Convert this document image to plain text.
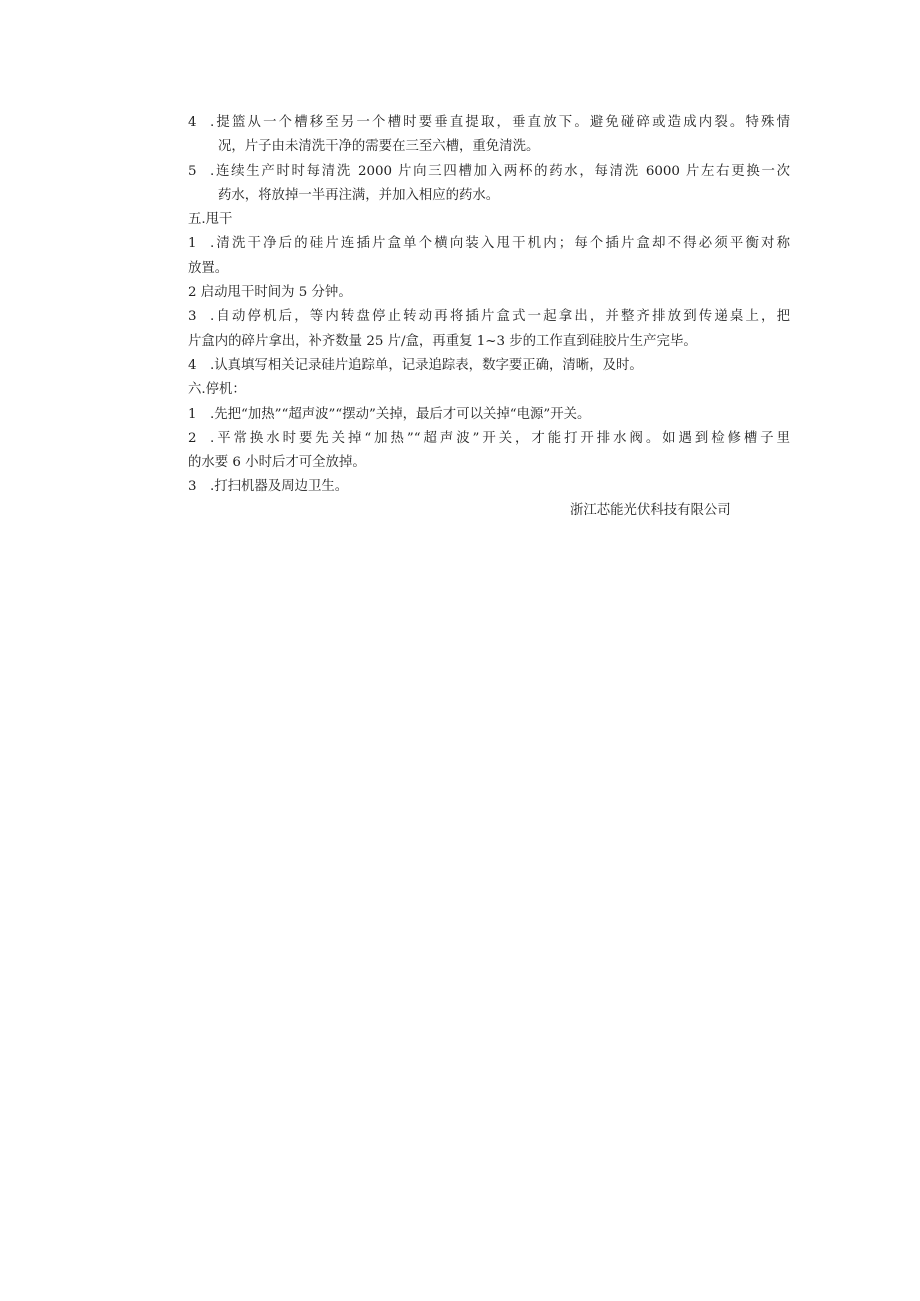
4 .提篮从一个槽移至另一个槽时要垂直提取，垂直放下。避免碰碎或造成内裂。特殊情
况，片子由未清洗干净的需要在三至六槽，重免清洗。
5 .连续生产时时每清洗 2000 片向三四槽加入两杯的药水，每清洗 6000 片左右更换一次
药水，将放掉一半再注满，并加入相应的药水。
五.甩干
1 .清洗干净后的硅片连插片盒单个横向装入甩干机内；每个插片盒却不得必须平衡对称
放置。
2 启动甩干时间为 5 分钟。
3 .自动停机后，等内转盘停止转动再将插片盒式一起拿出，并整齐排放到传递桌上，把
片盒内的碎片拿出，补齐数量 25 片/盒，再重复 1~3 步的工作直到硅胶片生产完毕。
4 .认真填写相关记录硅片追踪单，记录追踪表，数字要正确，清晰，及时。
六.停机：
1 .先把“加热”“超声波”“摆动”关掉，最后才可以关掉“电源”开关。
2 .平常换水时要先关掉“加热”“超声波”开关，才能打开排水阀。如遇到检修槽子里
的水要 6 小时后才可全放掉。
3 .打扫机器及周边卫生。
浙江芯能光伏科技有限公司
